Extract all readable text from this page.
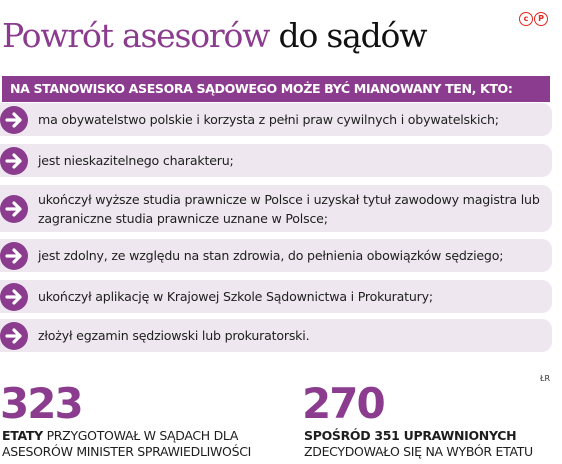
Powrót asesorów do sądów	c	P
NA STANOWISKO ASESORA SĄDOWEGO MOŻE BYĆ MIANOWANY TEN, KTO:
ma obywatelstwo polskie i korzysta z pełni praw cywilnych i obywatelskich;
jest nieskazitelnego charakteru;
ukończył wyższe studia prawnicze w Polsce i uzyskał tytuł zawodowy magistra lub zagraniczne studia prawnicze uznane w Polsce;
jest zdolny, ze względu na stan zdrowia, do pełnienia obowiązków sędziego;
ukończył aplikację w Krajowej Szkole Sądownictwa i Prokuratury;
złożył egzamin sędziowski lub prokuratorski.
323
ETATY PRZYGOTOWAŁ W SĄDACH DLA
ASESORÓW MINISTER SPRAWIEDLIWOŚCI
270
SPOŚRÓD 351 UPRAWNIONYCH
ZDECYDOWAŁO SIĘ NA WYBÓR ETATU
ŁR
